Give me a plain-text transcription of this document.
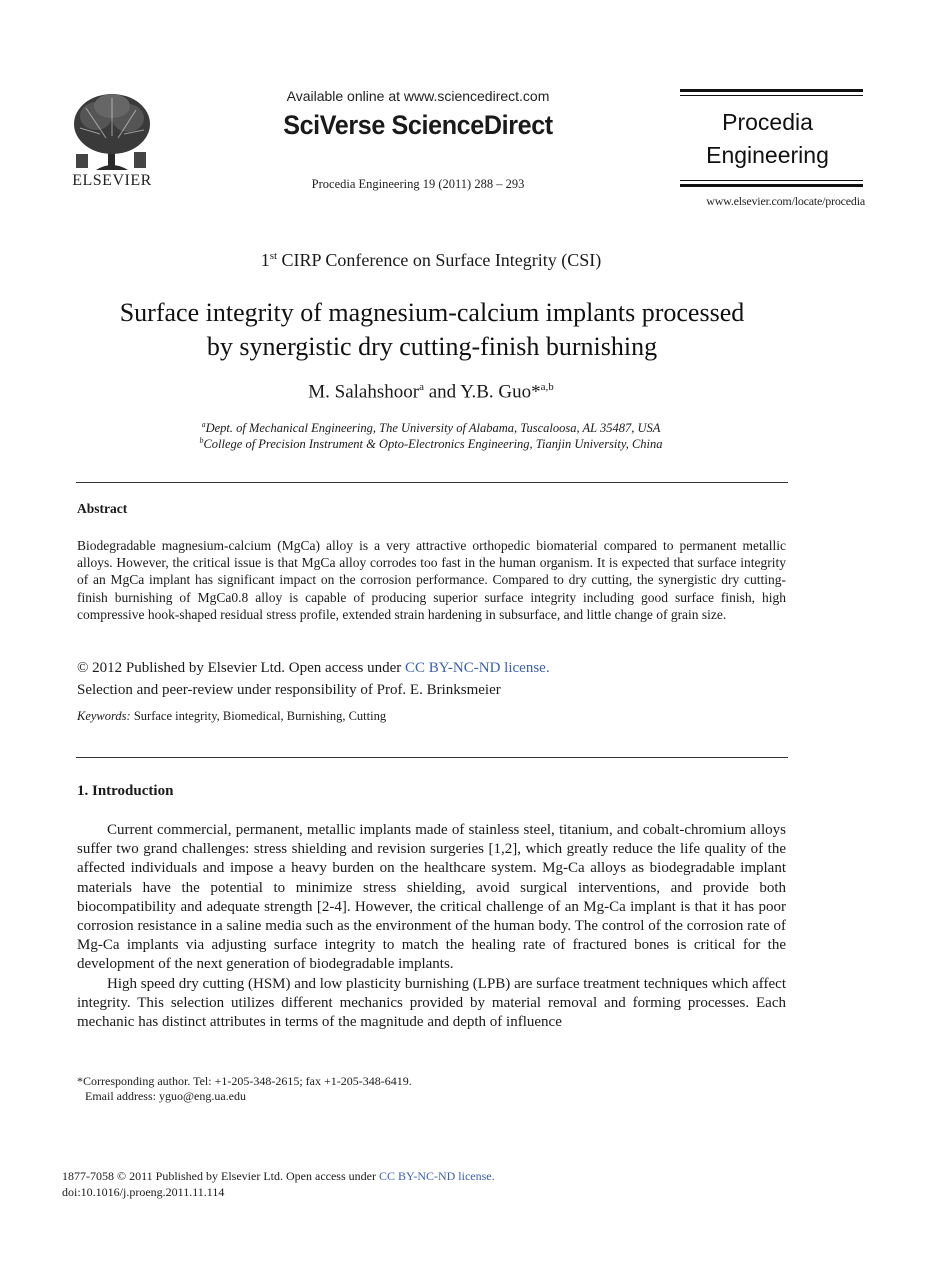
ELSEVIER
Available online at www.sciencedirect.com
SciVerse ScienceDirect
Procedia Engineering 19 (2011) 288 – 293
Procedia
Engineering
www.elsevier.com/locate/procedia
1st CIRP Conference on Surface Integrity (CSI)
Surface integrity of magnesium-calcium implants processed
by synergistic dry cutting-finish burnishing
M. Salahshoor$^a$ and Y.B. Guo*$^{a,b}$
$^a$Dept. of Mechanical Engineering, The University of Alabama, Tuscaloosa, AL 35487, USA
$^b$College of Precision Instrument & Opto-Electronics Engineering, Tianjin University, China
Abstract
Biodegradable magnesium-calcium (MgCa) alloy is a very attractive orthopedic biomaterial compared to permanent metallic alloys. However, the critical issue is that MgCa alloy corrodes too fast in the human organism. It is expected that surface integrity of an MgCa implant has significant impact on the corrosion performance. Compared to dry cutting, the synergistic dry cutting-finish burnishing of MgCa0.8 alloy is capable of producing superior surface integrity including good surface finish, high compressive hook-shaped residual stress profile, extended strain hardening in subsurface, and little change of grain size.
© 2012 Published by Elsevier Ltd. Open access under CC BY-NC-ND license.
Selection and peer-review under responsibility of Prof. E. Brinksmeier
Keywords: Surface integrity, Biomedical, Burnishing, Cutting
1. Introduction

Current commercial, permanent, metallic implants made of stainless steel, titanium, and cobalt-chromium alloys suffer two grand challenges: stress shielding and revision surgeries [1,2], which greatly reduce the life quality of the affected individuals and impose a heavy burden on the healthcare system. Mg-Ca alloys as biodegradable implant materials have the potential to minimize stress shielding, avoid surgical interventions, and provide both biocompatibility and adequate strength [2-4]. However, the critical challenge of an Mg-Ca implant is that it has poor corrosion resistance in a saline media such as the environment of the human body. The control of the corrosion rate of Mg-Ca implants via adjusting surface integrity to match the healing rate of fractured bones is critical for the development of the next generation of biodegradable implants.

High speed dry cutting (HSM) and low plasticity burnishing (LPB) are surface treatment techniques which affect integrity. This selection utilizes different mechanics provided by material removal and forming processes. Each mechanic has distinct attributes in terms of the magnitude and depth of influence

*Corresponding author. Tel: +1-205-348-2615; fax +1-205-348-6419.
Email address: yguo@eng.ua.edu
1877-7058 © 2011 Published by Elsevier Ltd. Open access under CC BY-NC-ND license.
doi:10.1016/j.proeng.2011.11.114
